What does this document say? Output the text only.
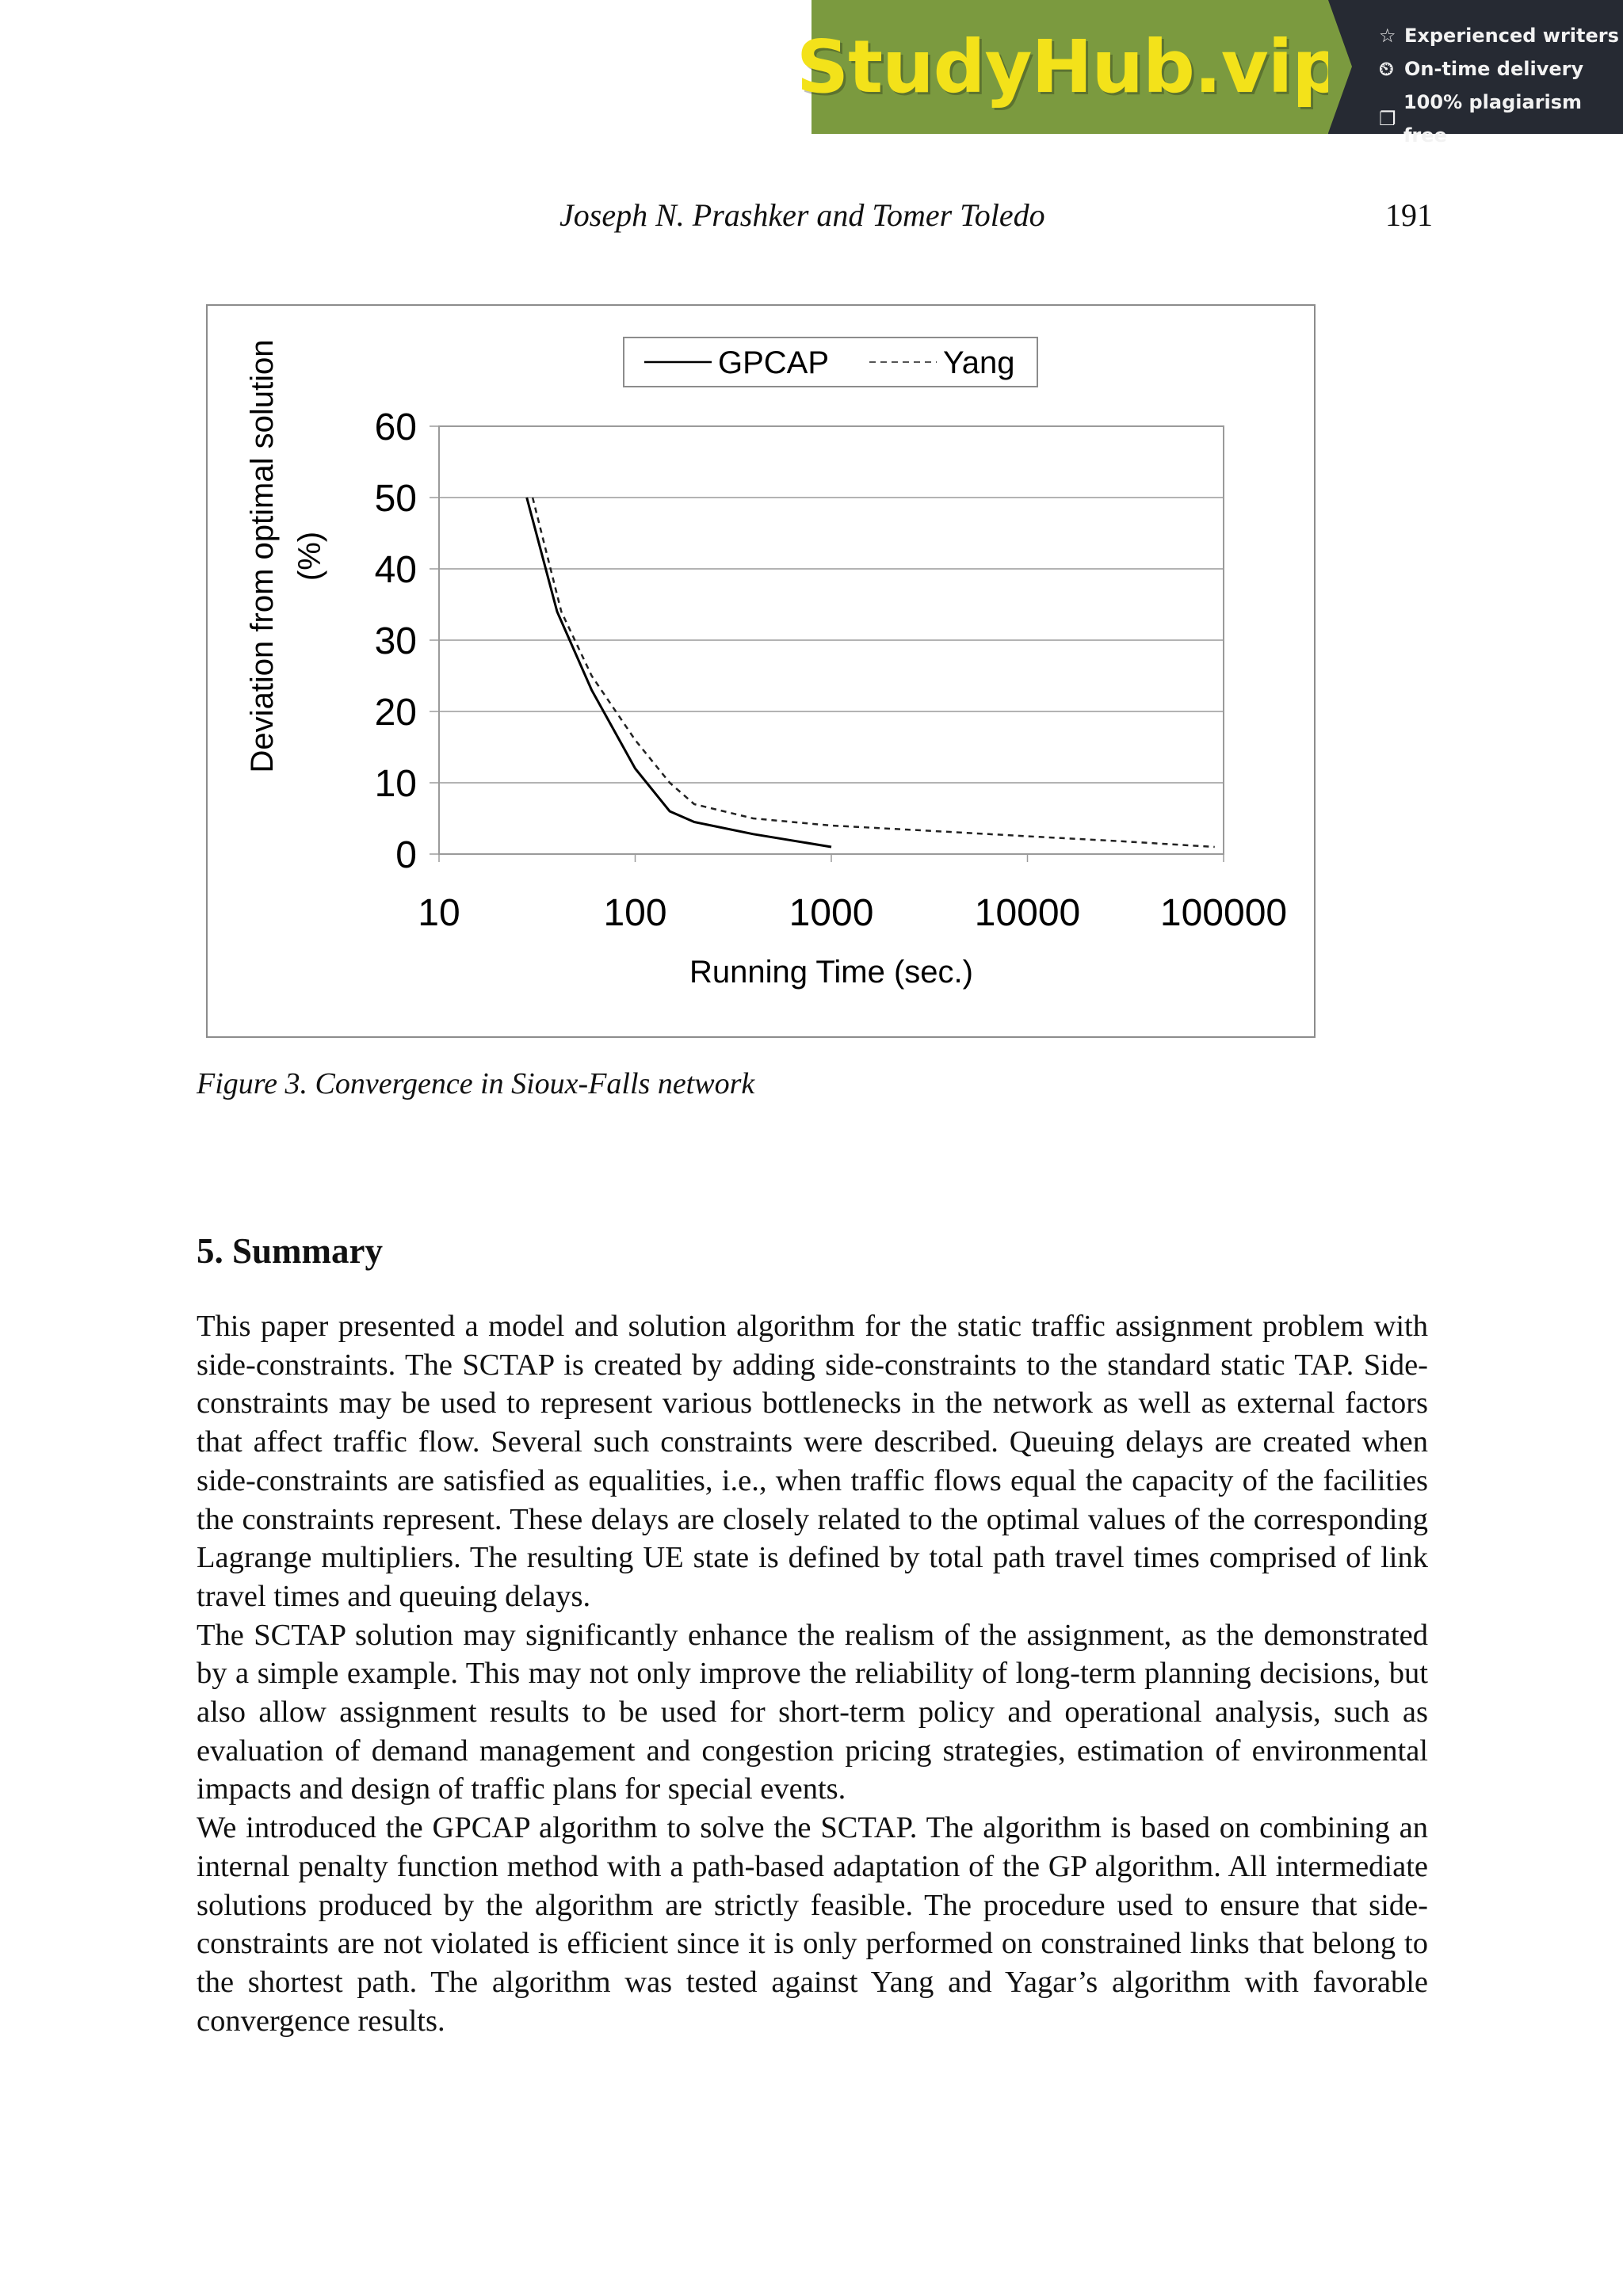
StudyHub.vip ☆ Experienced writers
⏲ On-time delivery
❐
100% plagiarism free
Joseph N. Prashker and Tomer Toledo	191
GPCAP	Yang
0
10
20
30
40
50
60
10	100	1000	10000 100000
Running Time (sec.)
Deviation from optimal solution (%)
Figure 3. Convergence in Sioux-Falls network
5. Summary

This paper presented a model and solution algorithm for the static traffic assignment problem with side-constraints. The SCTAP is created by adding side-constraints to the standard static TAP. Side-constraints may be used to represent various bottlenecks in the network as well as external factors that affect traffic flow. Several such constraints were described. Queuing delays are created when side-constraints are satisfied as equalities, i.e., when traffic flows equal the capacity of the facilities the constraints represent. These delays are closely related to the optimal values of the corresponding Lagrange multipliers. The resulting UE state is defined by total path travel times comprised of link travel times and queuing delays.

The SCTAP solution may significantly enhance the realism of the assignment, as the demonstrated by a simple example. This may not only improve the reliability of long-term planning decisions, but also allow assignment results to be used for short-term policy and operational analysis, such as evaluation of demand management and congestion pricing strategies, estimation of environmental impacts and design of traffic plans for special events.

We introduced the GPCAP algorithm to solve the SCTAP. The algorithm is based on combining an internal penalty function method with a path-based adaptation of the GP algorithm. All intermediate solutions produced by the algorithm are strictly feasible. The procedure used to ensure that side-constraints are not violated is efficient since it is only performed on constrained links that belong to the shortest path. The algorithm was tested against Yang and Yagar’s algorithm with favorable convergence results.
